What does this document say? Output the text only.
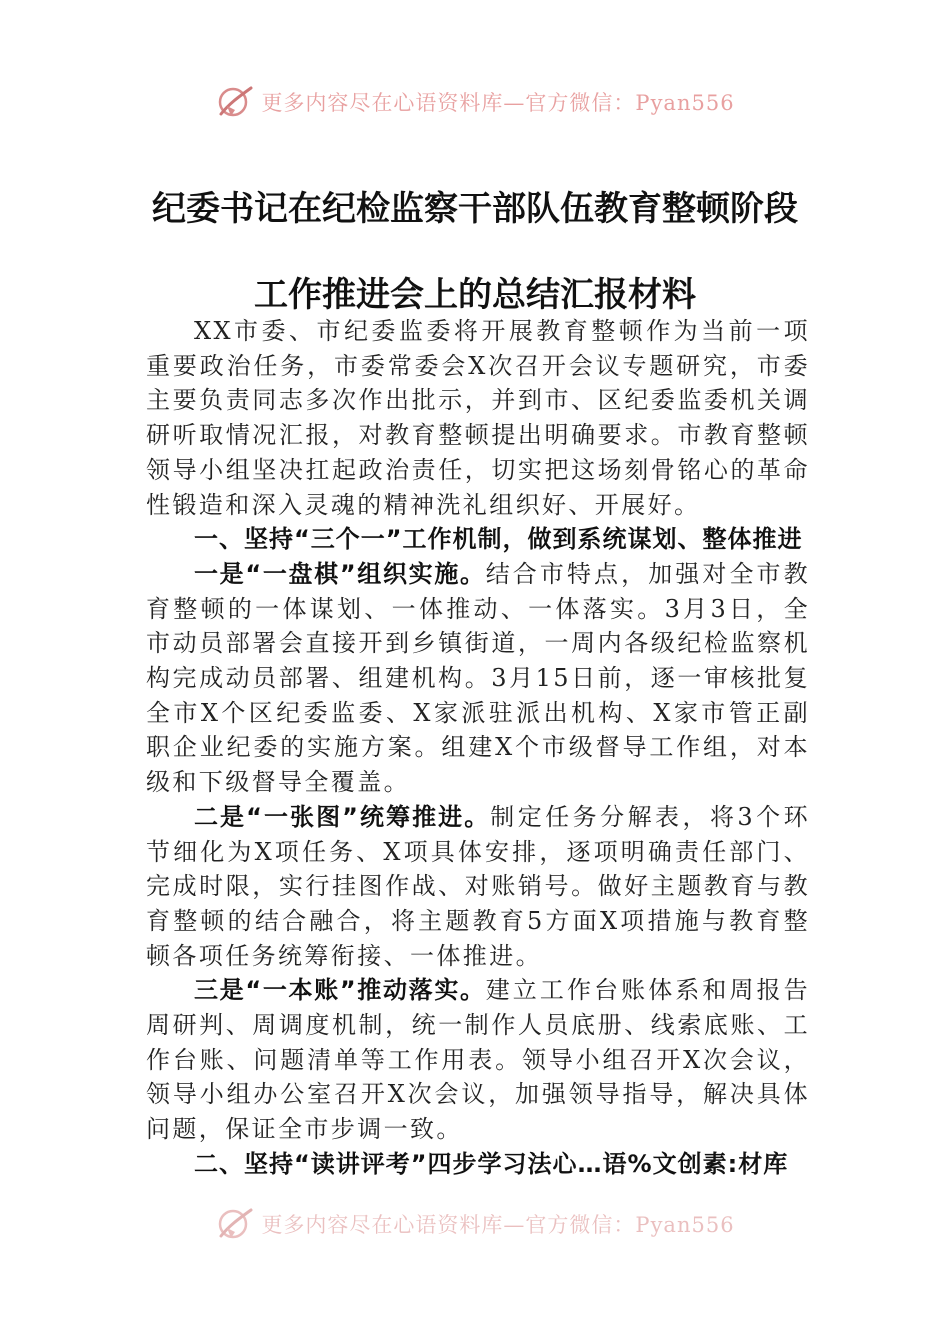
更多内容尽在心语资料库—官方微信：Pyan556
纪委书记在纪检监察干部队伍教育整顿阶段工作推进会上的总结汇报材料

XX市委、市纪委监委将开展教育整顿作为当前一项重要政治任务，市委常委会X次召开会议专题研究，市委主要负责同志多次作出批示，并到市、区纪委监委机关调研听取情况汇报，对教育整顿提出明确要求。市教育整顿领导小组坚决扛起政治责任，切实把这场刻骨铭心的革命性锻造和深入灵魂的精神洗礼组织好、开展好。

一、坚持“三个一”工作机制，做到系统谋划、整体推进

一是“一盘棋”组织实施。结合市特点，加强对全市教育整顿的一体谋划、一体推动、一体落实。3月3日，全市动员部署会直接开到乡镇街道，一周内各级纪检监察机构完成动员部署、组建机构。3月15日前，逐一审核批复全市X个区纪委监委、X家派驻派出机构、X家市管正副职企业纪委的实施方案。组建X个市级督导工作组，对本级和下级督导全覆盖。

二是“一张图”统筹推进。制定任务分解表，将3个环节细化为X项任务、X项具体安排，逐项明确责任部门、完成时限，实行挂图作战、对账销号。做好主题教育与教育整顿的结合融合，将主题教育5方面X项措施与教育整顿各项任务统筹衔接、一体推进。

三是“一本账”推动落实。建立工作台账体系和周报告周研判、周调度机制，统一制作人员底册、线索底账、工作台账、问题清单等工作用表。领导小组召开X次会议，领导小组办公室召开X次会议，加强领导指导，解决具体问题，保证全市步调一致。

二、坚持“读讲评考”四步学习法心…语%文创素:材库

更多内容尽在心语资料库—官方微信：Pyan556
